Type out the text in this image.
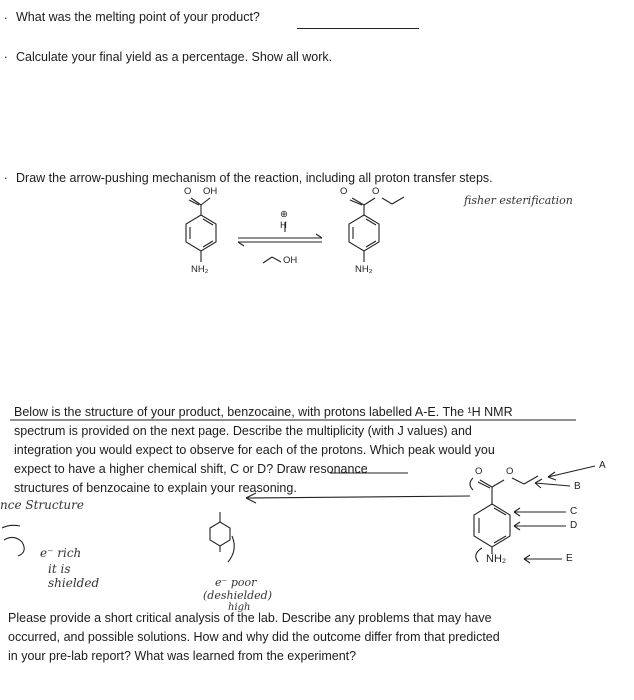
. What was the melting point of your product?
. Calculate your final yield as a percentage. Show all work.
. Draw the arrow-pushing mechanism of the reaction, including all proton transfer steps.
fisher esterification
O OH
NH₂
⊕
H
OH
O	O
NH₂
Below is the structure of your product, benzocaine, with protons labelled A-E. The ¹H NMR
spectrum is provided on the next page. Describe the multiplicity (with J values) and
integration you would expect to observe for each of the protons. Which peak would you
expect to have a higher chemical shift, C or D? Draw resonance
structures of benzocaine to explain your reasoning.
O O
NH₂
A
B
C
D
E
nce Structure
e⁻ rich
it is
shielded	e⁻ poor
(deshielded)
high
Please provide a short critical analysis of the lab. Describe any problems that may have
occurred, and possible solutions. How and why did the outcome differ from that predicted
in your pre-lab report? What was learned from the experiment?
